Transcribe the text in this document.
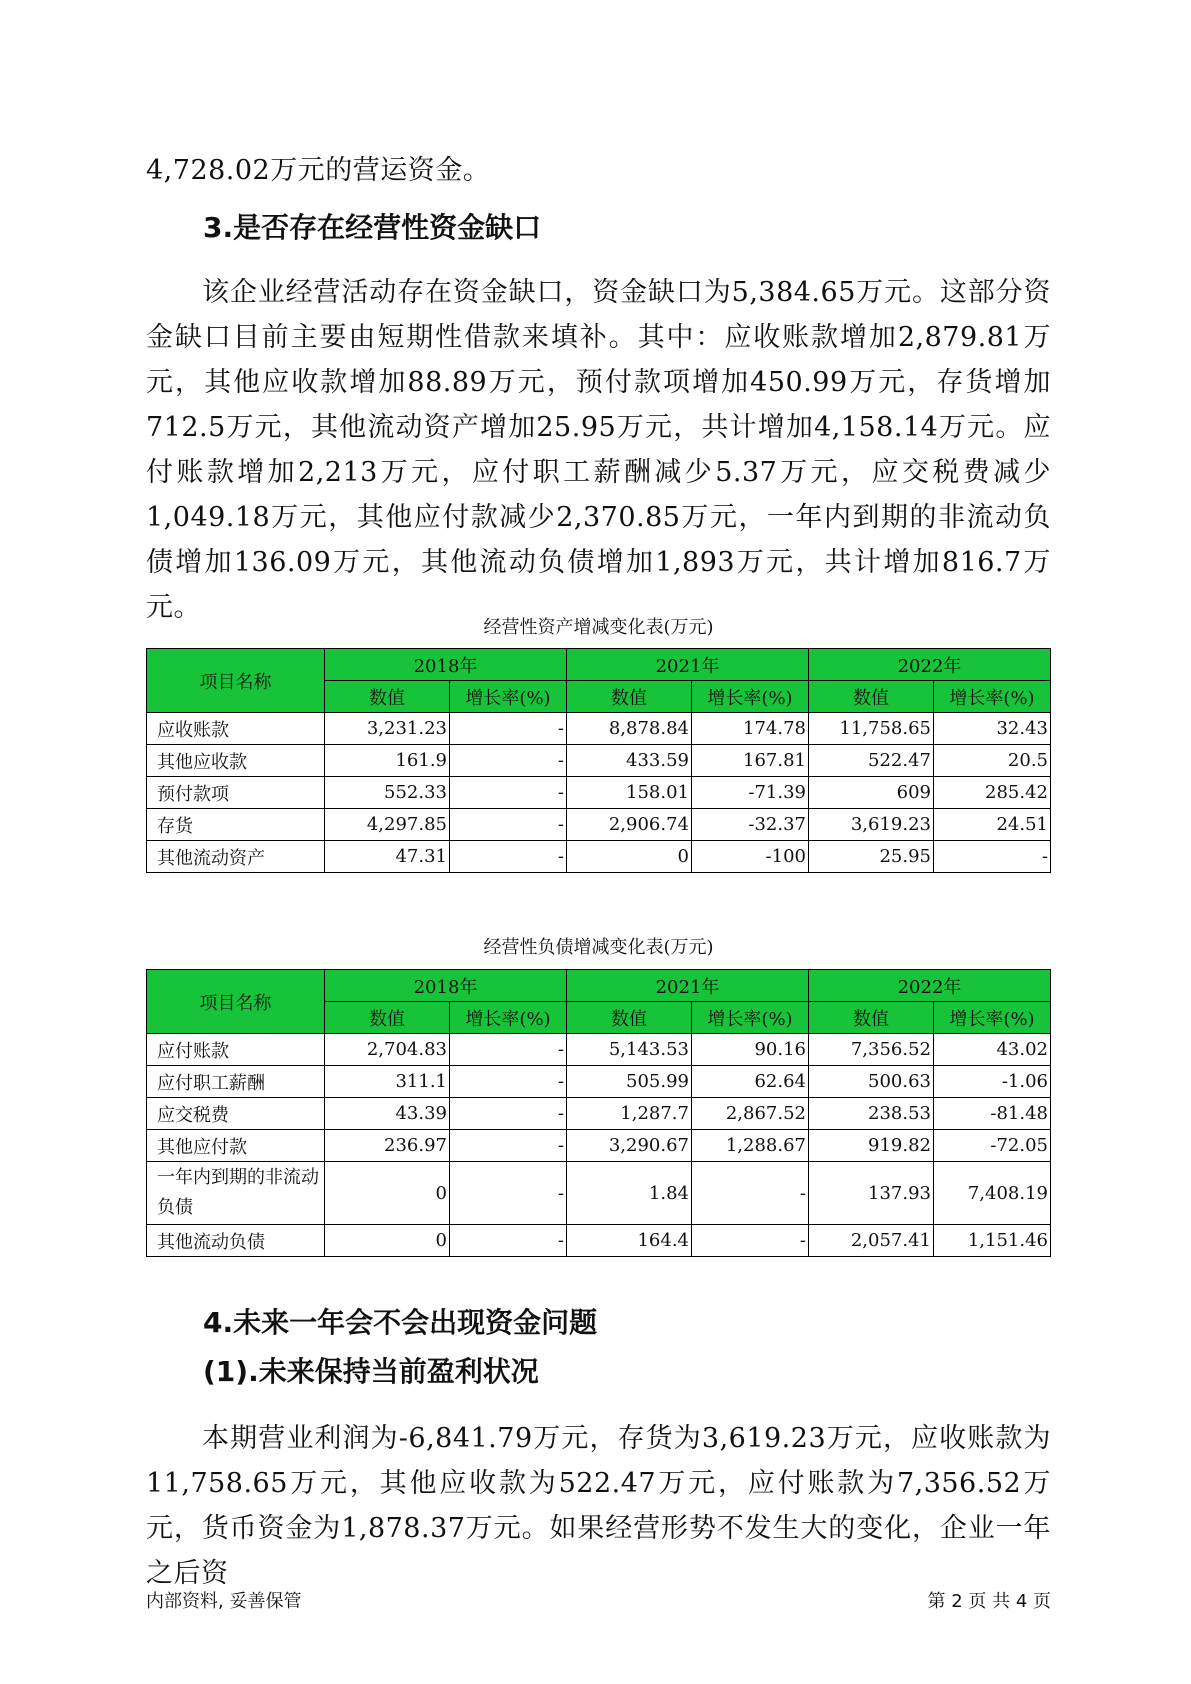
4,728.02万元的营运资金。
3.是否存在经营性资金缺口
该企业经营活动存在资金缺口，资金缺口为5,384.65万元。这部分资金缺口目前主要由短期性借款来填补。其中：应收账款增加2,879.81万元，其他应收款增加88.89万元，预付款项增加450.99万元，存货增加712.5万元，其他流动资产增加25.95万元，共计增加4,158.14万元。应付账款增加2,213万元，应付职工薪酬减少5.37万元，应交税费减少1,049.18万元，其他应付款减少2,370.85万元，一年内到期的非流动负债增加136.09万元，其他流动负债增加1,893万元，共计增加816.7万元。
经营性资产增减变化表(万元)
项目名称	2018年		2021年		2022年	
	数值	增长率(%)	数值	增长率(%)	数值	增长率(%)
应收账款	3,231.23	-	8,878.84	174.78	11,758.65	32.43
其他应收款	161.9	-	433.59	167.81	522.47	20.5
预付款项	552.33	-	158.01	-71.39	609	285.42
存货	4,297.85	-	2,906.74	-32.37	3,619.23	24.51
其他流动资产	47.31	-	0	-100	25.95	-
经营性负债增减变化表(万元)
项目名称	2018年		2021年		2022年	
	数值	增长率(%)	数值	增长率(%)	数值	增长率(%)
应付账款	2,704.83	-	5,143.53	90.16	7,356.52	43.02
应付职工薪酬	311.1	-	505.99	62.64	500.63	-1.06
应交税费	43.39	-	1,287.7	2,867.52	238.53	-81.48
其他应付款	236.97	-	3,290.67	1,288.67	919.82	-72.05
一年内到期的非流动负债	0	-	1.84	-	137.93	7,408.19
其他流动负债	0	-	164.4	-	2,057.41	1,151.46
4.未来一年会不会出现资金问题
(1).未来保持当前盈利状况
本期营业利润为-6,841.79万元，存货为3,619.23万元，应收账款为11,758.65万元，其他应收款为522.47万元，应付账款为7,356.52万元，货币资金为1,878.37万元。如果经营形势不发生大的变化，企业一年之后资
内部资料, 妥善保管	第 2 页 共 4 页
